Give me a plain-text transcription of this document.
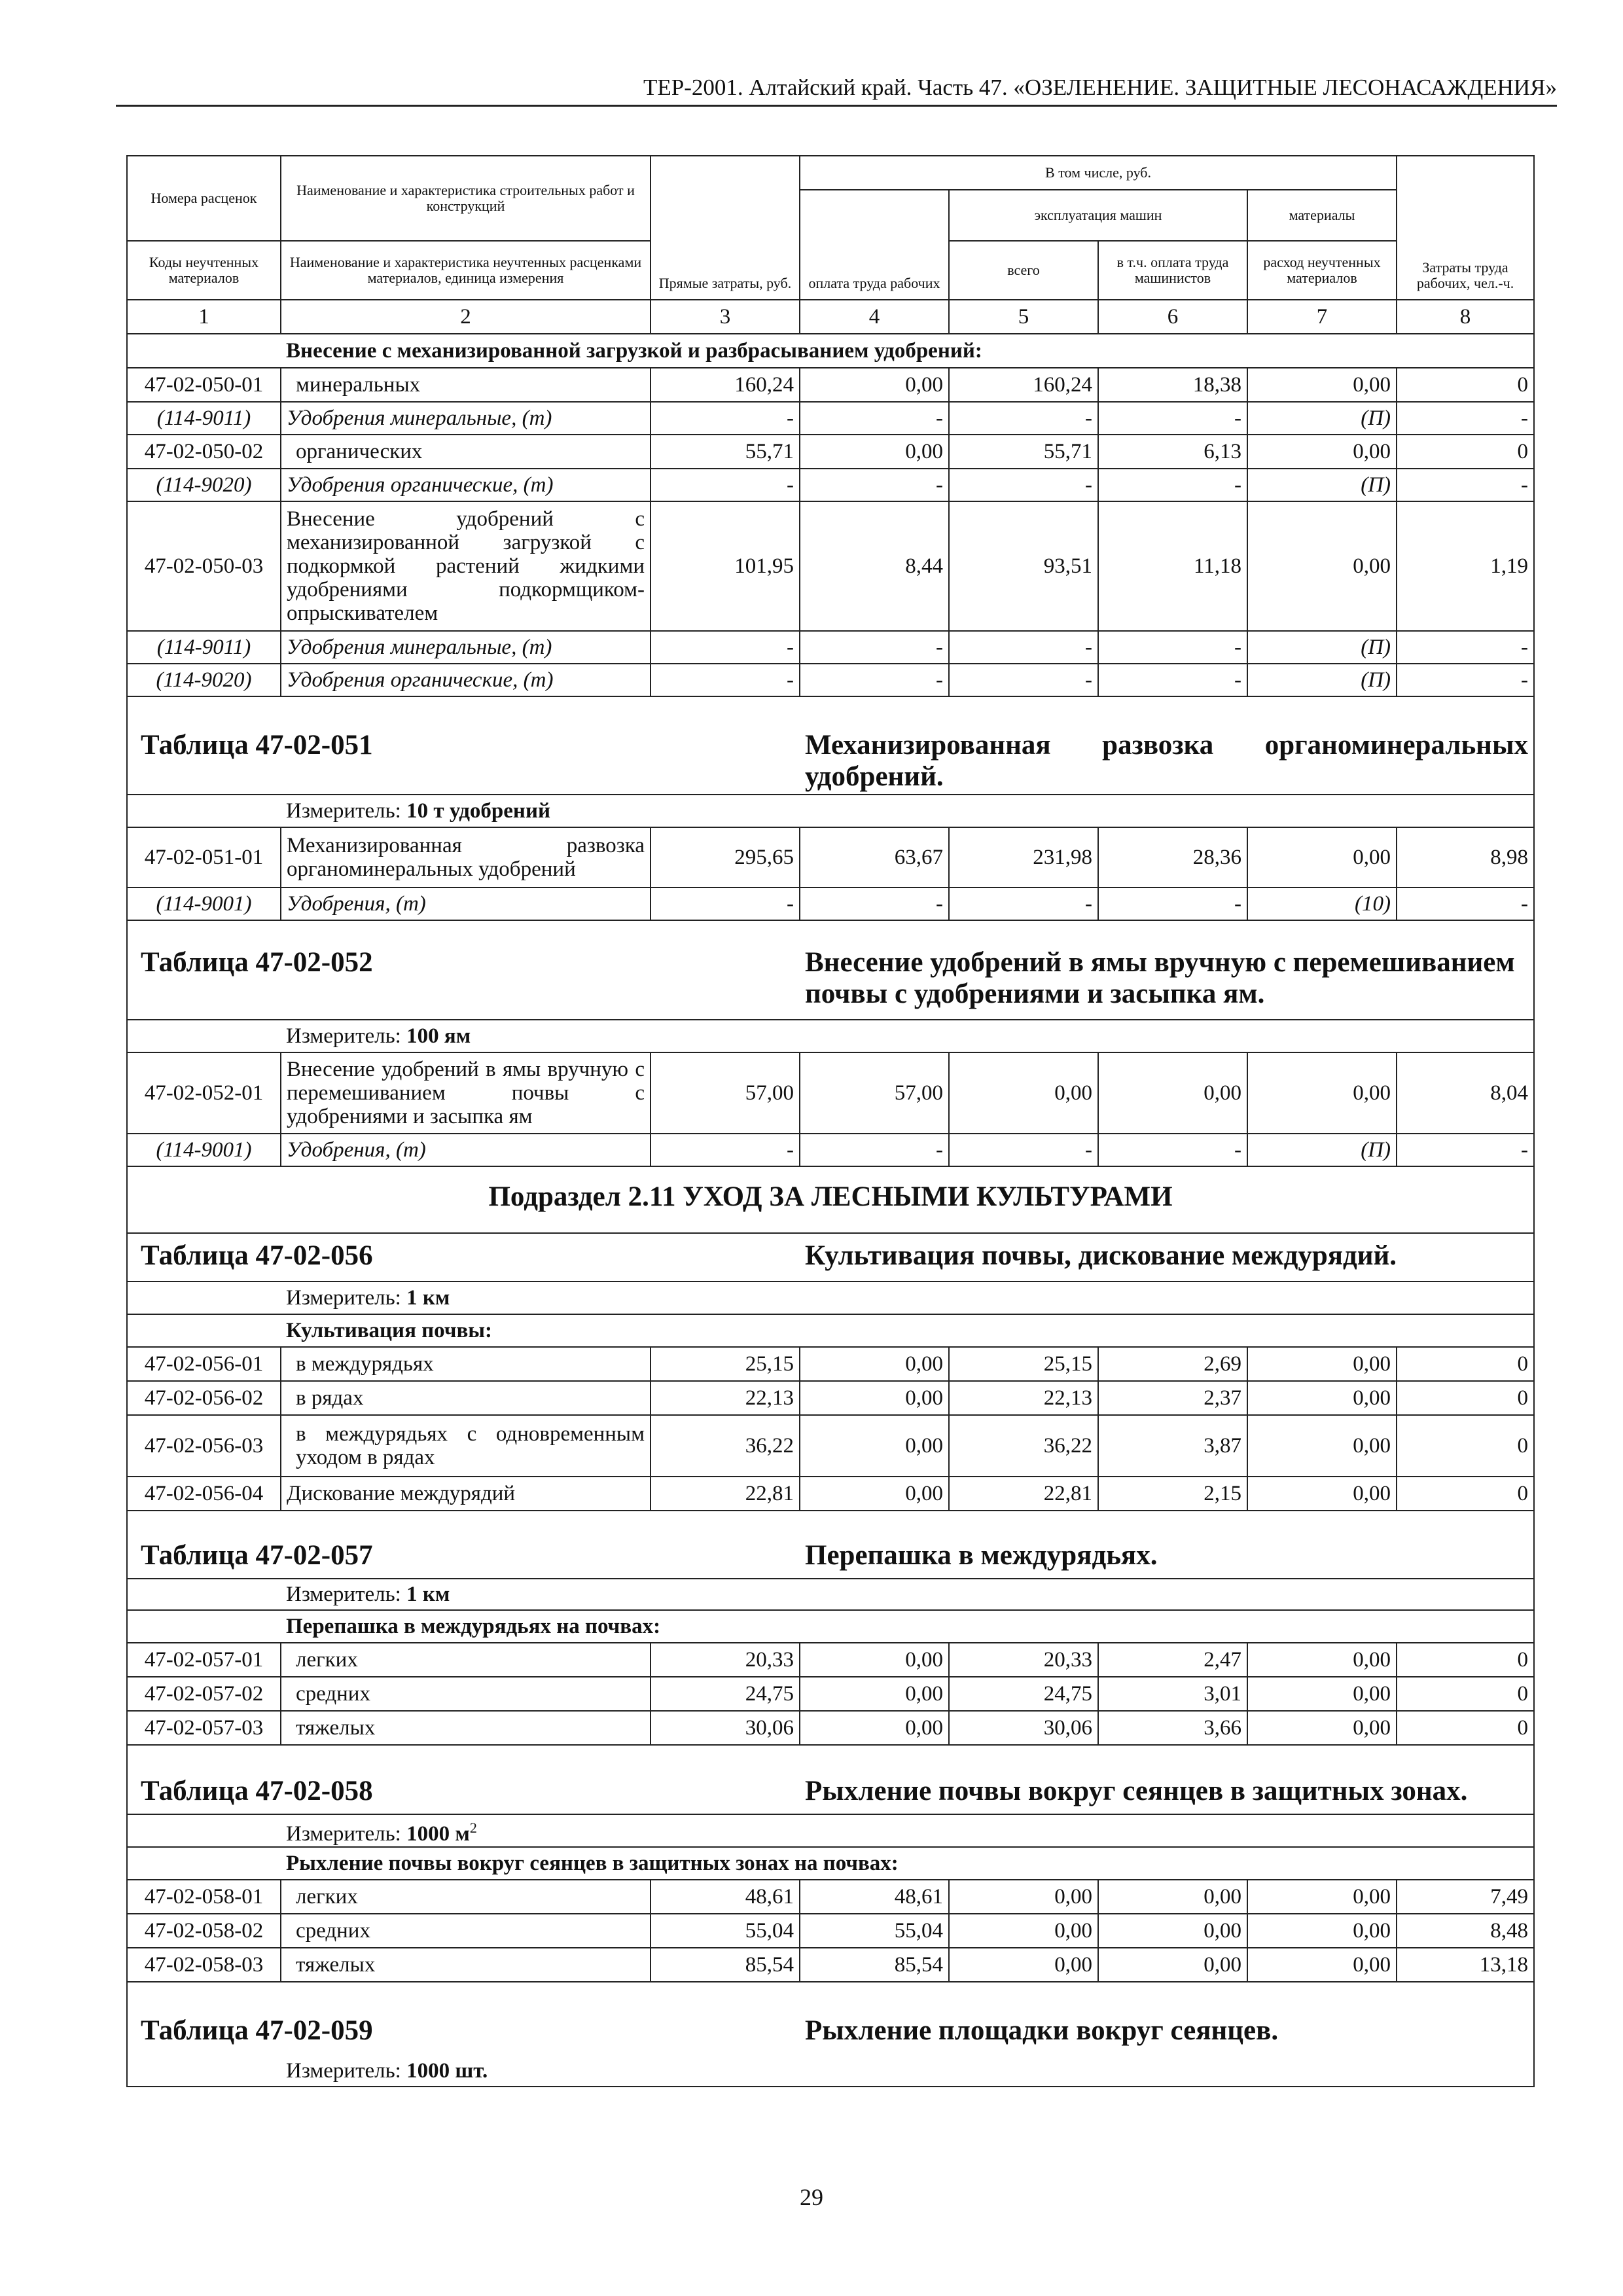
ТЕР-2001. Алтайский край. Часть 47. «ОЗЕЛЕНЕНИЕ. ЗАЩИТНЫЕ ЛЕСОНАСАЖДЕНИЯ»
Номера расценок	Наименование и характеристика строительных работ и конструкций	Прямые затраты, руб.	В том числе, руб.				Затраты труда рабочих, чел.-ч.
			оплата труда рабочих	эксплуатация машин		материалы	
Коды неучтенных материалов	Наименование и характеристика неучтенных расценками материалов, единица измерения			всего	в т.ч. оплата труда машинистов	расход неучтенных материалов	
1	2	3	4	5	6	7	8
	Внесение с механизированной загрузкой и разбрасыванием удобрений:						
47-02-050-01	минеральных	160,24	0,00	160,24	18,38	0,00	0
(114-9011)	Удобрения минеральные, (т)	-	-	-	-	(П)	-
47-02-050-02	органических	55,71	0,00	55,71	6,13	0,00	0
(114-9020)	Удобрения органические, (т)	-	-	-	-	(П)	-
47-02-050-03	Внесение удобрений с механизированной загрузкой с подкормкой растений жидкими удобрениями подкормщиком-опрыскивателем	101,95	8,44	93,51	11,18	0,00	1,19
(114-9011)	Удобрения минеральные, (т)	-	-	-	-	(П)	-
(114-9020)	Удобрения органические, (т)	-	-	-	-	(П)	-
Таблица 47-02-051			Механизированная развозка органоминеральных удобрений.				
	Измеритель: 10 т удобрений						
47-02-051-01	Механизированная развозка органоминеральных удобрений	295,65	63,67	231,98	28,36	0,00	8,98
(114-9001)	Удобрения, (т)	-	-	-	-	(10)	-
Таблица 47-02-052			Внесение удобрений в ямы вручную с перемешиванием почвы с удобрениями и засыпка ям.				
	Измеритель: 100 ям						
47-02-052-01	Внесение удобрений в ямы вручную с перемешиванием почвы с удобрениями и засыпка ям	57,00	57,00	0,00	0,00	0,00	8,04
(114-9001)	Удобрения, (т)	-	-	-	-	(П)	-
Подраздел 2.11 УХОД ЗА ЛЕСНЫМИ КУЛЬТУРАМИ							
Таблица 47-02-056			Культивация почвы, дискование междурядий.				
	Измеритель: 1 км						
	Культивация почвы:						
47-02-056-01	в междурядьях	25,15	0,00	25,15	2,69	0,00	0
47-02-056-02	в рядах	22,13	0,00	22,13	2,37	0,00	0
47-02-056-03	в междурядьях с одновременным уходом в рядах	36,22	0,00	36,22	3,87	0,00	0
47-02-056-04	Дискование междурядий	22,81	0,00	22,81	2,15	0,00	0
Таблица 47-02-057			Перепашка в междурядьях.				
	Измеритель: 1 км						
	Перепашка в междурядьях на почвах:						
47-02-057-01	легких	20,33	0,00	20,33	2,47	0,00	0
47-02-057-02	средних	24,75	0,00	24,75	3,01	0,00	0
47-02-057-03	тяжелых	30,06	0,00	30,06	3,66	0,00	0
Таблица 47-02-058			Рыхление почвы вокруг сеянцев в защитных зонах.				
	Измеритель: 1000 $м^2$
	Рыхление почвы вокруг сеянцев в защитных зонах на почвах:						
47-02-058-01	легких	48,61	48,61	0,00	0,00	0,00	7,49
47-02-058-02	средних	55,04	55,04	0,00	0,00	0,00	8,48
47-02-058-03	тяжелых	85,54	85,54	0,00	0,00	0,00	13,18
Таблица 47-02-059			Рыхление площадки вокруг сеянцев.				
	Измеритель: 1000 шт.						
29
